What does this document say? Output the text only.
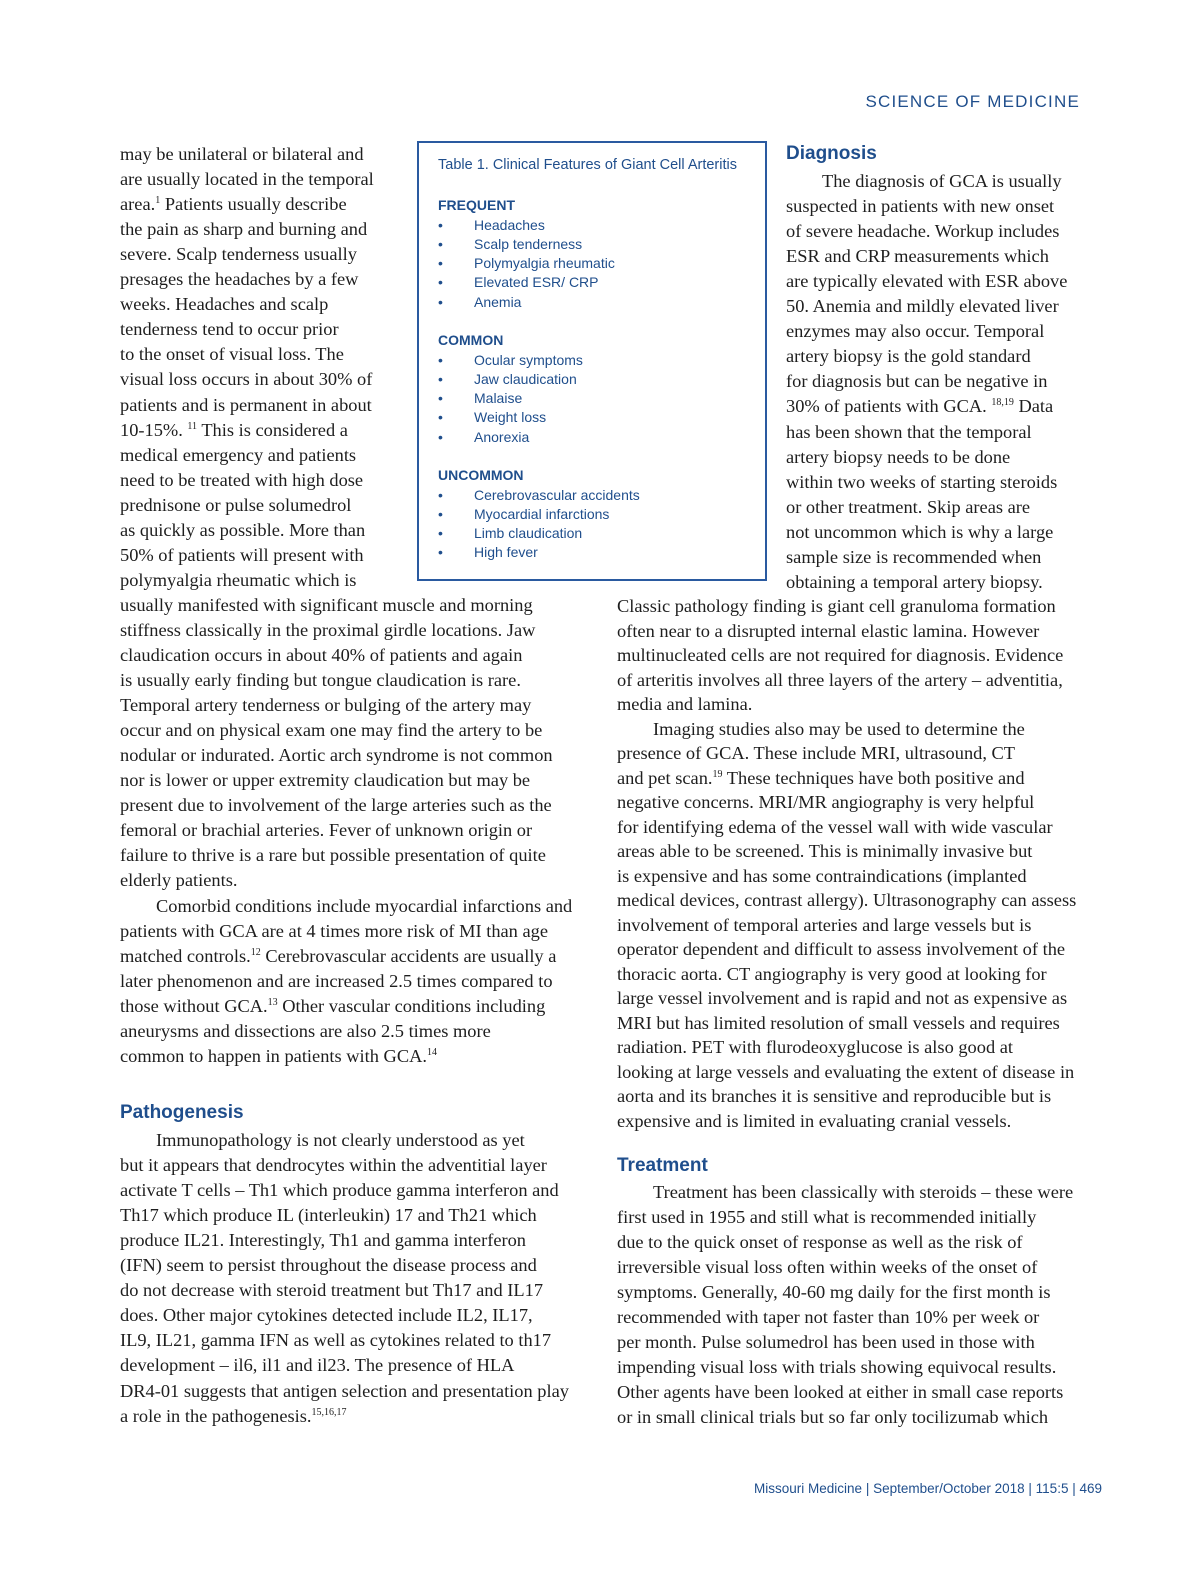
SCIENCE OF MEDICINE
Diagnosis
Pathogenesis
Treatment
Table 1. Clinical Features of Giant Cell Arteritis
FREQUENT
• Headaches
• Scalp tenderness
• Polymyalgia rheumatic
• Elevated ESR/ CRP
• Anemia
COMMON
• Ocular symptoms
• Jaw claudication
• Malaise
• Weight loss
• Anorexia
UNCOMMON
• Cerebrovascular accidents
• Myocardial infarctions
• Limb claudication
• High fever
may be unilateral or bilateral and
are usually located in the temporal
area.$^1$ Patients usually describe
the pain as sharp and burning and
severe. Scalp tenderness usually
presages the headaches by a few
weeks. Headaches and scalp
tenderness tend to occur prior
to the onset of visual loss. The
visual loss occurs in about 30% of
patients and is permanent in about
10-15%. $^{11}$ This is considered a
medical emergency and patients
need to be treated with high dose
prednisone or pulse solumedrol
as quickly as possible. More than
50% of patients will present with
polymyalgia rheumatic which is
usually manifested with significant muscle and morning
stiffness classically in the proximal girdle locations. Jaw
claudication occurs in about 40% of patients and again
is usually early finding but tongue claudication is rare.
Temporal artery tenderness or bulging of the artery may
occur and on physical exam one may find the artery to be
nodular or indurated. Aortic arch syndrome is not common
nor is lower or upper extremity claudication but may be
present due to involvement of the large arteries such as the
femoral or brachial arteries. Fever of unknown origin or
failure to thrive is a rare but possible presentation of quite
elderly patients.
Comorbid conditions include myocardial infarctions and
patients with GCA are at 4 times more risk of MI than age
matched controls.$^{12}$ Cerebrovascular accidents are usually a
later phenomenon and are increased 2.5 times compared to
those without GCA.$^{13}$ Other vascular conditions including
aneurysms and dissections are also 2.5 times more
common to happen in patients with GCA.$^{14}$
Immunopathology is not clearly understood as yet
but it appears that dendrocytes within the adventitial layer
activate T cells – Th1 which produce gamma interferon and
Th17 which produce IL (interleukin) 17 and Th21 which
produce IL21. Interestingly, Th1 and gamma interferon
(IFN) seem to persist throughout the disease process and
do not decrease with steroid treatment but Th17 and IL17
does. Other major cytokines detected include IL2, IL17,
IL9, IL21, gamma IFN as well as cytokines related to th17
development – il6, il1 and il23. The presence of HLA
DR4-01 suggests that antigen selection and presentation play
a role in the pathogenesis.$^{15,16,17}$
The diagnosis of GCA is usually
suspected in patients with new onset
of severe headache. Workup includes
ESR and CRP measurements which
are typically elevated with ESR above
50. Anemia and mildly elevated liver
enzymes may also occur. Temporal
artery biopsy is the gold standard
for diagnosis but can be negative in
30% of patients with GCA. $^{18,19}$ Data
has been shown that the temporal
artery biopsy needs to be done
within two weeks of starting steroids
or other treatment. Skip areas are
not uncommon which is why a large
sample size is recommended when
obtaining a temporal artery biopsy.
Classic pathology finding is giant cell granuloma formation
often near to a disrupted internal elastic lamina. However
multinucleated cells are not required for diagnosis. Evidence
of arteritis involves all three layers of the artery – adventitia,
media and lamina.
Imaging studies also may be used to determine the
presence of GCA. These include MRI, ultrasound, CT
and pet scan.$^{19}$ These techniques have both positive and
negative concerns. MRI/MR angiography is very helpful
for identifying edema of the vessel wall with wide vascular
areas able to be screened. This is minimally invasive but
is expensive and has some contraindications (implanted
medical devices, contrast allergy). Ultrasonography can assess
involvement of temporal arteries and large vessels but is
operator dependent and difficult to assess involvement of the
thoracic aorta. CT angiography is very good at looking for
large vessel involvement and is rapid and not as expensive as
MRI but has limited resolution of small vessels and requires
radiation. PET with flurodeoxyglucose is also good at
looking at large vessels and evaluating the extent of disease in
aorta and its branches it is sensitive and reproducible but is
expensive and is limited in evaluating cranial vessels.
Treatment has been classically with steroids – these were
first used in 1955 and still what is recommended initially
due to the quick onset of response as well as the risk of
irreversible visual loss often within weeks of the onset of
symptoms. Generally, 40-60 mg daily for the first month is
recommended with taper not faster than 10% per week or
per month. Pulse solumedrol has been used in those with
impending visual loss with trials showing equivocal results.
Other agents have been looked at either in small case reports
or in small clinical trials but so far only tocilizumab which
Missouri Medicine | September/October 2018 | 115:5 | 469
